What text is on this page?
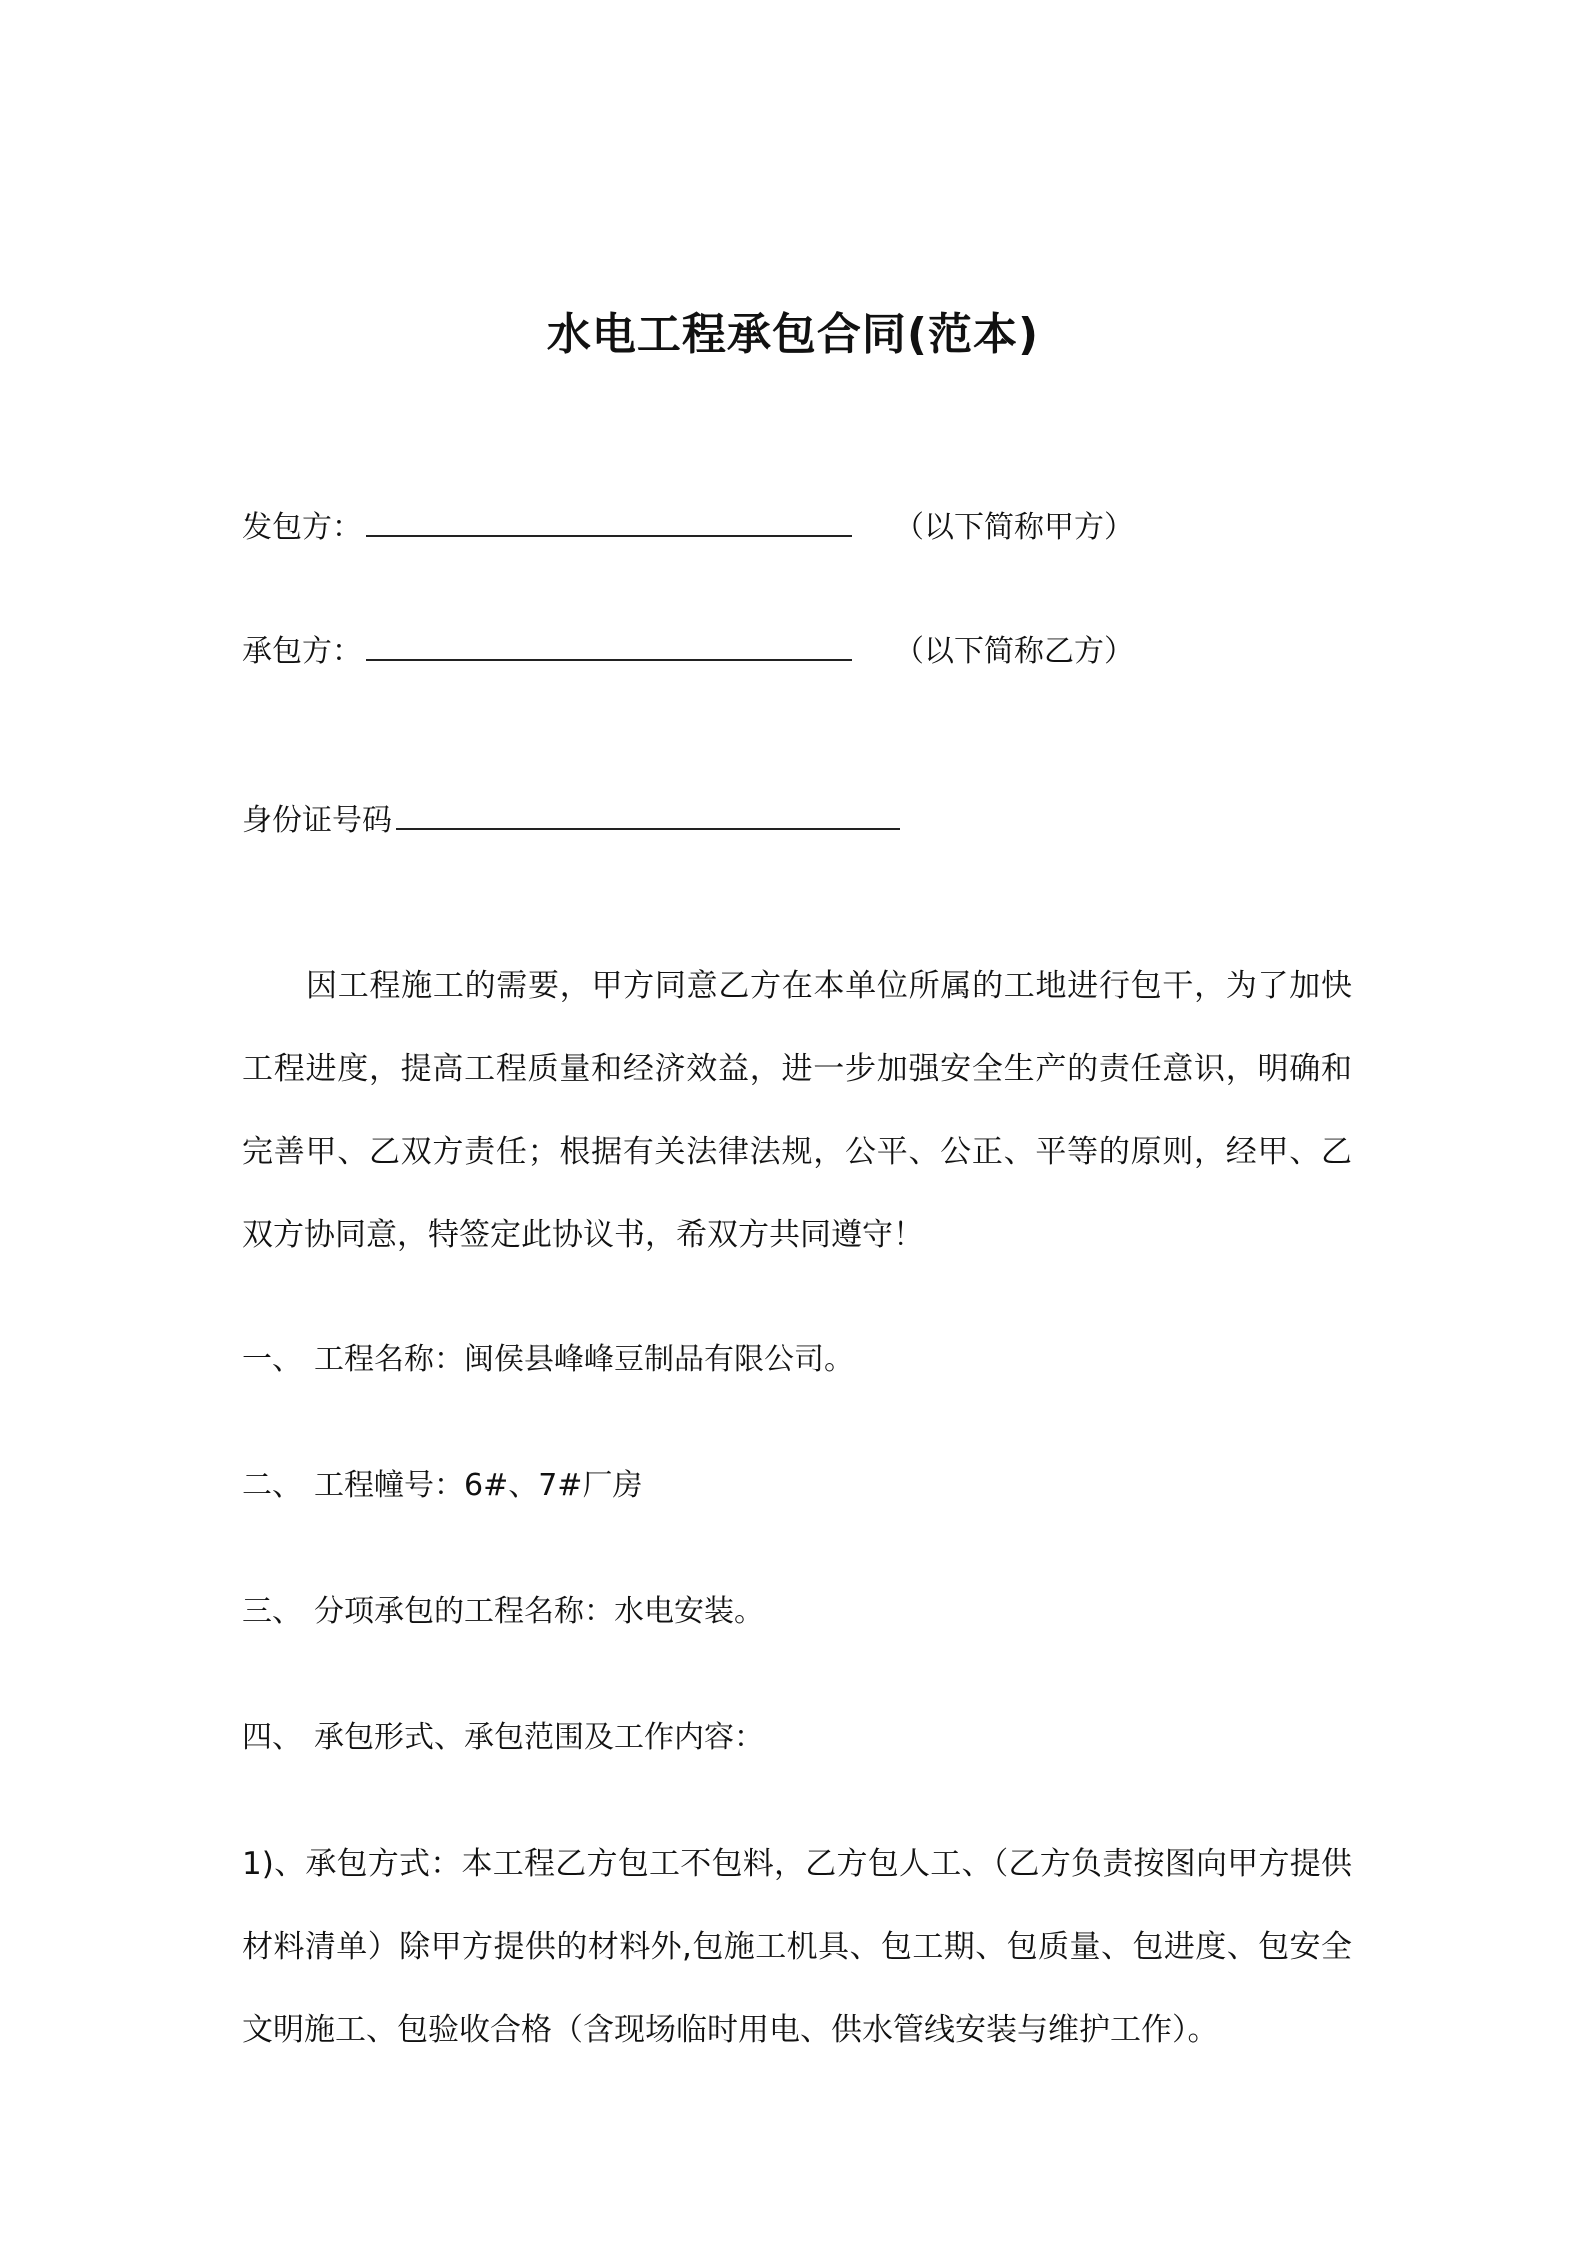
水电工程承包合同(范本)
发包方：	（以下简称甲方）
承包方：	（以下简称乙方）
身份证号码
因工程施工的需要，甲方同意乙方在本单位所属的工地进行包干，为了加快工程进度，提高工程质量和经济效益，进一步加强安全生产的责任意识，明确和完善甲、乙双方责任；根据有关法律法规，公平、公正、平等的原则，经甲、乙双方协同意，特签定此协议书，希双方共同遵守！
一、 工程名称：闽侯县峰峰豆制品有限公司。
二、 工程幢号：6#、7#厂房
三、 分项承包的工程名称：水电安装。
四、 承包形式、承包范围及工作内容：
1)、承包方式：本工程乙方包工不包料，乙方包人工、（乙方负责按图向甲方提供材料清单）除甲方提供的材料外,包施工机具、包工期、包质量、包进度、包安全文明施工、包验收合格（含现场临时用电、供水管线安装与维护工作）。
